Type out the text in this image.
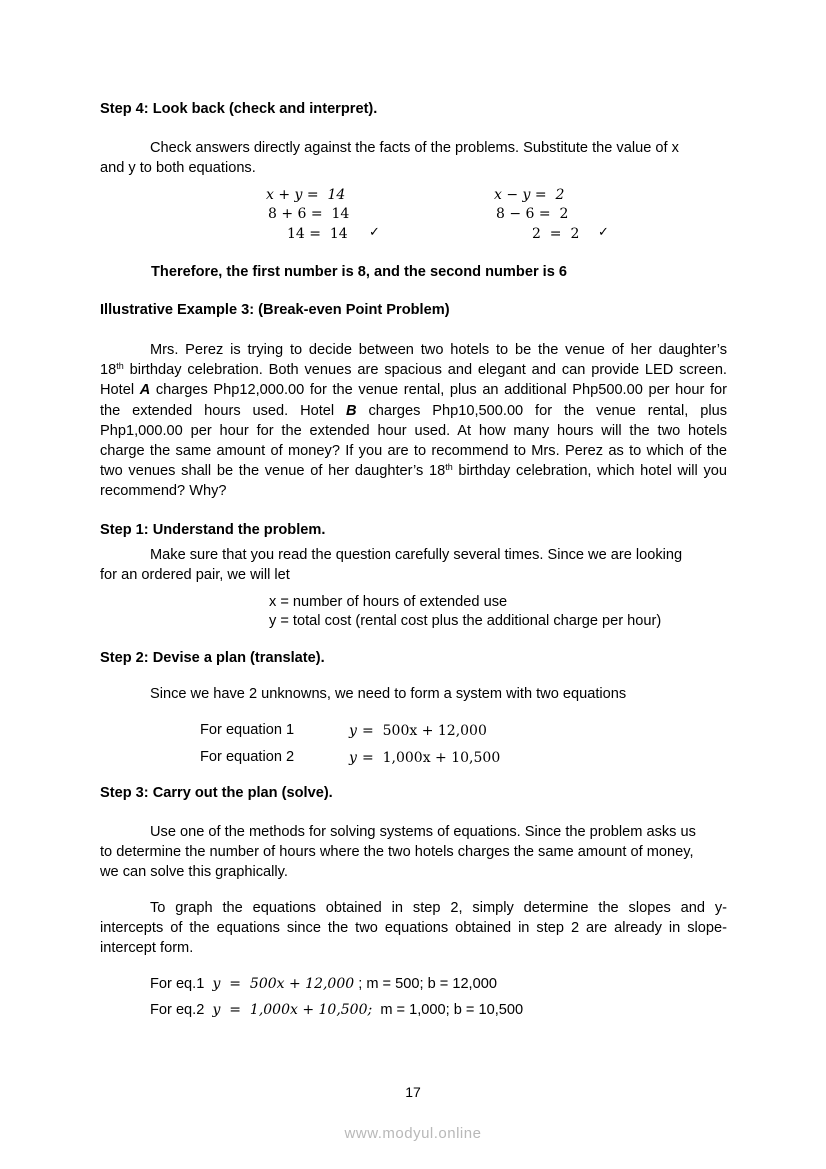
Step 4: Look back (check and interpret).
Check answers directly against the facts of the problems. Substitute the value of x
and y to both equations.
x + y =  14
8 + 6 =  14
14 =  14 ✓
x − y =  2
8 − 6 =  2
2  =  2 ✓
Therefore, the first number is 8, and the second number is 6
Illustrative Example 3: (Break-even Point Problem)
Mrs. Perez is trying to decide between two hotels to be the venue of her daughter’s
18th birthday celebration. Both venues are spacious and elegant and can provide LED screen.
Hotel A charges Php12,000.00 for the venue rental, plus an additional Php500.00 per hour for
the extended hours used. Hotel B charges Php10,500.00 for the venue rental, plus
Php1,000.00 per hour for the extended hour used. At how many hours will the two hotels
charge the same amount of money? If you are to recommend to Mrs. Perez as to which of the
two venues shall be the venue of her daughter’s 18th birthday celebration, which hotel will you
recommend? Why?
Step 1: Understand the problem.
Make sure that you read the question carefully several times. Since we are looking
for an ordered pair, we will let
x = number of hours of extended use
y = total cost (rental cost plus the additional charge per hour)
Step 2: Devise a plan (translate).
Since we have 2 unknowns, we need to form a system with two equations
For equation 1	y =  500x + 12,000
For equation 2	y =  1,000x + 10,500
Step 3: Carry out the plan (solve).
Use one of the methods for solving systems of equations. Since the problem asks us
to determine the number of hours where the two hotels charges the same amount of money,
we can solve this graphically.
To graph the equations obtained in step 2, simply determine the slopes and y-
intercepts of the equations since the two equations obtained in step 2 are already in slope-
intercept form.
For eq.1 y  =  500x + 12,000 ; m = 500; b = 12,000
For eq.2 y  =  1,000x + 10,500; m = 1,000; b = 10,500
17
www.modyul.online
